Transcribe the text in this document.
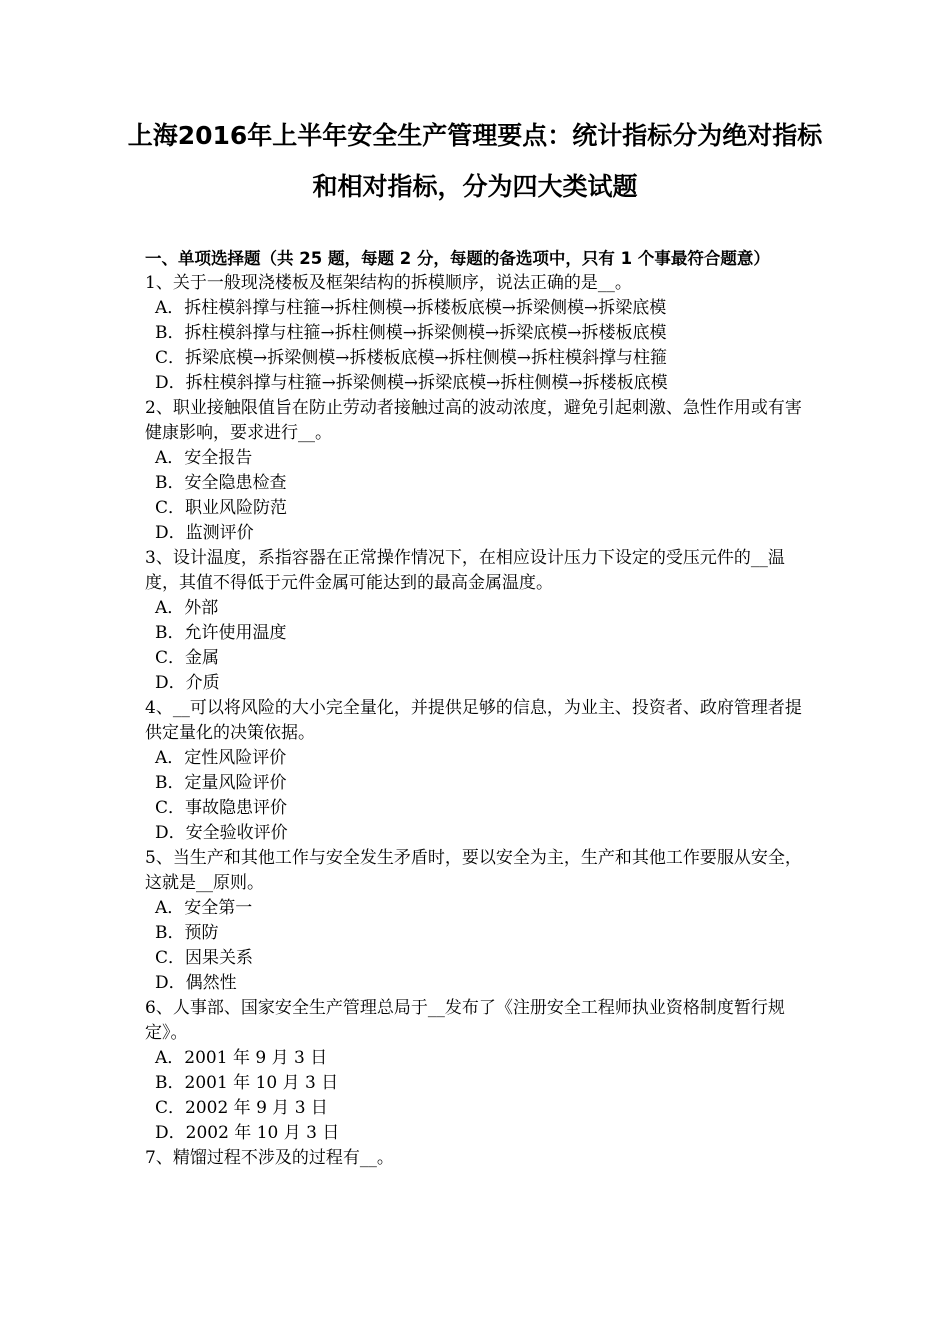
上海2016年上半年安全生产管理要点：统计指标分为绝对指标和相对指标，分为四大类试题

一、单项选择题（共 25 题，每题 2 分，每题的备选项中，只有 1 个事最符合题意）

1、关于一般现浇楼板及框架结构的拆模顺序，说法正确的是__。

A．拆柱模斜撑与柱箍→拆柱侧模→拆楼板底模→拆梁侧模→拆梁底模
B．拆柱模斜撑与柱箍→拆柱侧模→拆梁侧模→拆梁底模→拆楼板底模
C．拆梁底模→拆梁侧模→拆楼板底模→拆柱侧模→拆柱模斜撑与柱箍
D．拆柱模斜撑与柱箍→拆梁侧模→拆梁底模→拆柱侧模→拆楼板底模

2、职业接触限值旨在防止劳动者接触过高的波动浓度，避免引起刺激、急性作用或有害健康影响，要求进行__。

A．安全报告
B．安全隐患检查
C．职业风险防范
D．监测评价

3、设计温度，系指容器在正常操作情况下，在相应设计压力下设定的受压元件的__温度，其值不得低于元件金属可能达到的最高金属温度。

A．外部
B．允许使用温度
C．金属
D．介质

4、__可以将风险的大小完全量化，并提供足够的信息，为业主、投资者、政府管理者提供定量化的决策依据。

A．定性风险评价
B．定量风险评价
C．事故隐患评价
D．安全验收评价

5、当生产和其他工作与安全发生矛盾时，要以安全为主，生产和其他工作要服从安全，这就是__原则。

A．安全第一
B．预防
C．因果关系
D．偶然性

6、人事部、国家安全生产管理总局于__发布了《注册安全工程师执业资格制度暂行规定》。

A．2001 年 9 月 3 日
B．2001 年 10 月 3 日
C．2002 年 9 月 3 日
D．2002 年 10 月 3 日

7、精馏过程不涉及的过程有__。
